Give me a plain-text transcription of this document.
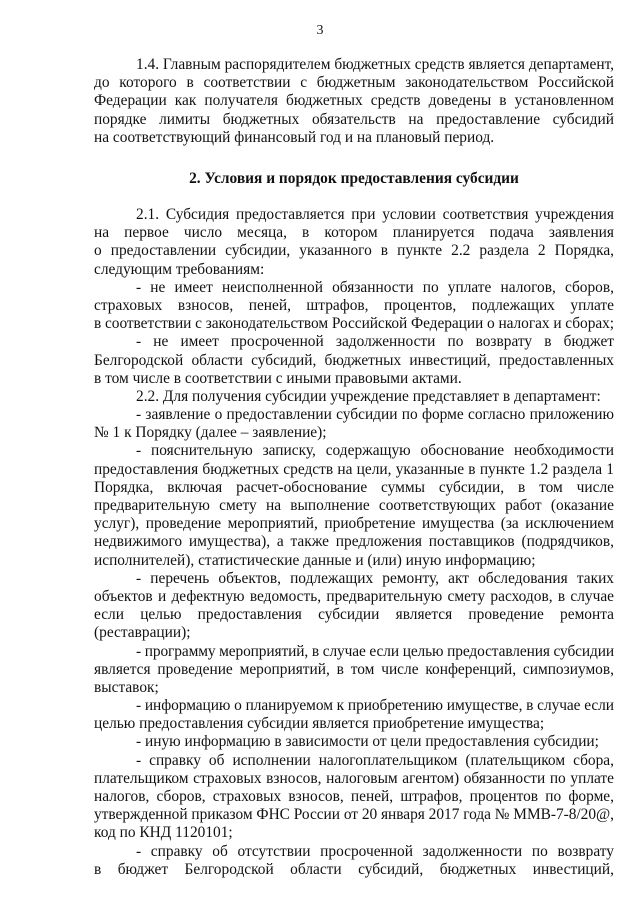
3
1.4. Главным распорядителем бюджетных средств является департамент,
до которого в соответствии с бюджетным законодательством Российской
Федерации как получателя бюджетных средств доведены в установленном
порядке лимиты бюджетных обязательств на предоставление субсидий
на соответствующий финансовый год и на плановый период.
2. Условия и порядок предоставления субсидии
2.1. Субсидия предоставляется при условии соответствия учреждения
на первое число месяца, в котором планируется подача заявления
о предоставлении субсидии, указанного в пункте 2.2 раздела 2 Порядка,
следующим требованиям:
- не имеет неисполненной обязанности по уплате налогов, сборов,
страховых взносов, пеней, штрафов, процентов, подлежащих уплате
в соответствии с законодательством Российской Федерации о налогах и сборах;
- не имеет просроченной задолженности по возврату в бюджет
Белгородской области субсидий, бюджетных инвестиций, предоставленных
в том числе в соответствии с иными правовыми актами.
2.2. Для получения субсидии учреждение представляет в департамент:
- заявление о предоставлении субсидии по форме согласно приложению
№ 1 к Порядку (далее – заявление);
- пояснительную записку, содержащую обоснование необходимости
предоставления бюджетных средств на цели, указанные в пункте 1.2 раздела 1
Порядка, включая расчет-обоснование суммы субсидии, в том числе
предварительную смету на выполнение соответствующих работ (оказание
услуг), проведение мероприятий, приобретение имущества (за исключением
недвижимого имущества), а также предложения поставщиков (подрядчиков,
исполнителей), статистические данные и (или) иную информацию;
- перечень объектов, подлежащих ремонту, акт обследования таких
объектов и дефектную ведомость, предварительную смету расходов, в случае
если целью предоставления субсидии является проведение ремонта
(реставрации);
- программу мероприятий, в случае если целью предоставления субсидии
является проведение мероприятий, в том числе конференций, симпозиумов,
выставок;
- информацию о планируемом к приобретению имуществе, в случае если
целью предоставления субсидии является приобретение имущества;
- иную информацию в зависимости от цели предоставления субсидии;
- справку об исполнении налогоплательщиком (плательщиком сбора,
плательщиком страховых взносов, налоговым агентом) обязанности по уплате
налогов, сборов, страховых взносов, пеней, штрафов, процентов по форме,
утвержденной приказом ФНС России от 20 января 2017 года № ММВ-7-8/20@,
код по КНД 1120101;
- справку об отсутствии просроченной задолженности по возврату
в бюджет Белгородской области субсидий, бюджетных инвестиций,
